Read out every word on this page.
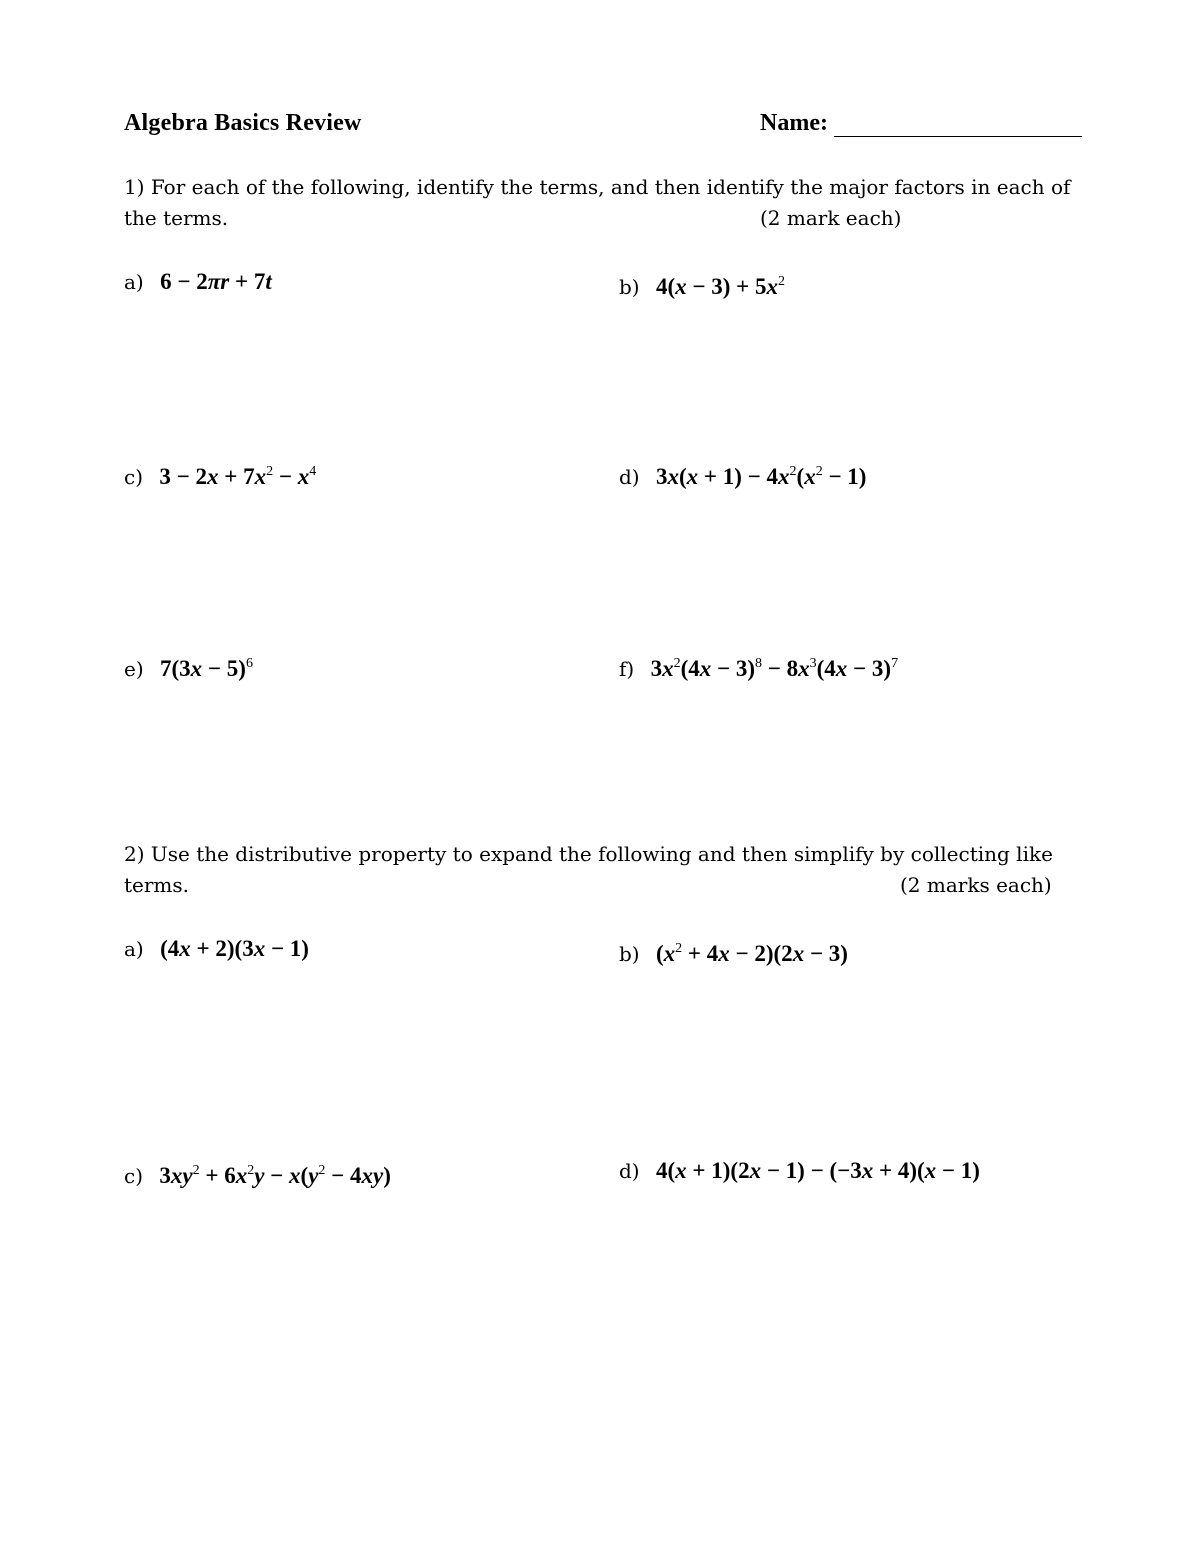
Algebra Basics Review	Name:
1) For each of the following, identify the terms, and then identify the major factors in each of
the terms.	(2 mark each)
a) 6 − 2πr + 7t	b) $4(x - 3) + 5x^2$
c) $3 - 2x + 7x^2 - x^4$	d) $3x(x + 1) - 4x^2(x^2 - 1)$
e) $7(3x - 5)^6$	f) $3x^2(4x - 3)^8 - 8x^3(4x - 3)^7$
2) Use the distributive property to expand the following and then simplify by collecting like
terms.	(2 marks each)
a) (4x + 2)(3x − 1)	b) $(x^2 + 4x - 2)(2x - 3)$
c) $3xy^2 + 6x^2y - x(y^2 - 4xy)$	d) 4(x + 1)(2x − 1) − (−3x + 4)(x − 1)
